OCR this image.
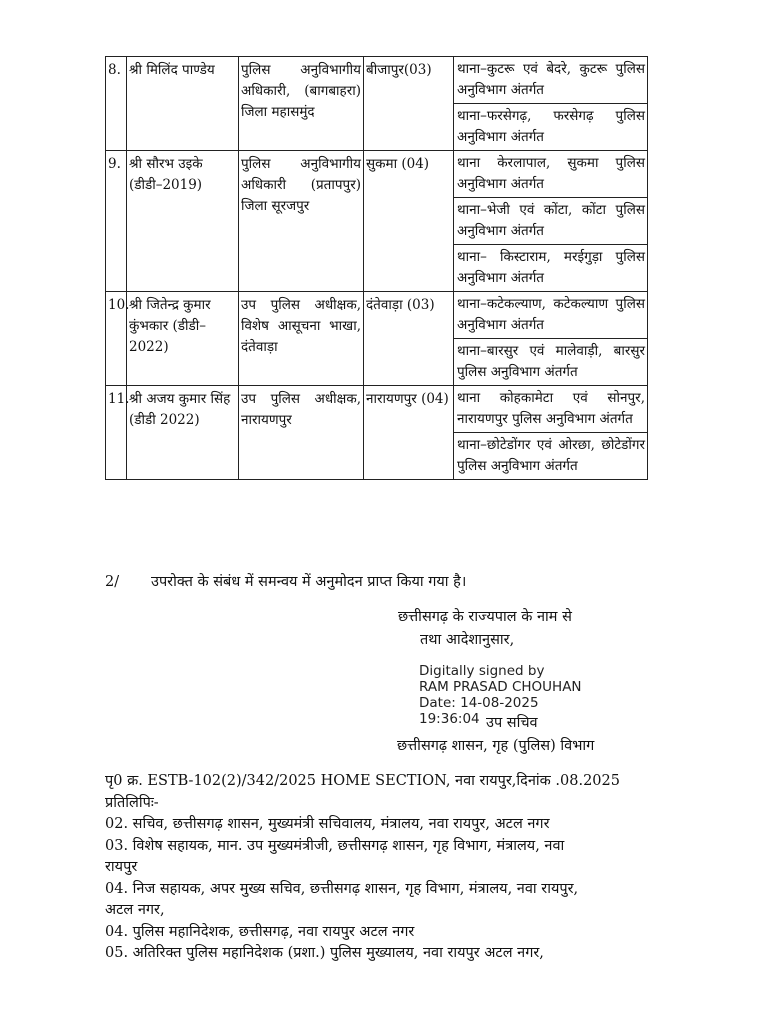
8.	श्री मिलिंद पाण्डेय	पुलिस अनुविभागीय अधिकारी, (बागबाहरा) जिला महासमुंद	बीजापुर(03)	थाना–कुटरू एवं बेदरे, कुटरू पुलिस अनुविभाग अंतर्गत
				थाना–फरसेगढ़, फरसेगढ़ पुलिस अनुविभाग अंतर्गत
9.	श्री सौरभ उइके (डीडी–2019)	पुलिस अनुविभागीय अधिकारी (प्रतापपुर) जिला सूरजपुर	सुकमा (04)	थाना केरलापाल, सुकमा पुलिस अनुविभाग अंतर्गत
				थाना–भेजी एवं कोंटा, कोंटा पुलिस अनुविभाग अंतर्गत
				थाना– किस्टाराम, मरईगुड़ा पुलिस अनुविभाग अंतर्गत
10.	श्री जितेन्द्र कुमार कुंभकार (डीडी–2022)	उप पुलिस अधीक्षक, विशेष आसूचना भाखा, दंतेवाड़ा	दंतेवाड़ा (03)	थाना–कटेकल्याण, कटेकल्याण पुलिस अनुविभाग अंतर्गत
				थाना–बारसुर एवं मालेवाड़ी, बारसुर पुलिस अनुविभाग अंतर्गत
11.	श्री अजय कुमार सिंह (डीडी 2022)	उप पुलिस अधीक्षक, नारायणपुर	नारायणपुर (04)	थाना कोहकामेटा एवं सोनपुर, नारायणपुर पुलिस अनुविभाग अंतर्गत
				थाना–छोटेडोंगर एवं ओरछा, छोटेडोंगर पुलिस अनुविभाग अंतर्गत
2/ उपरोक्त के संबंध में समन्वय में अनुमोदन प्राप्त किया गया है।
छत्तीसगढ़ के राज्यपाल के नाम से
तथा आदेशानुसार,
Digitally signed by
RAM PRASAD CHOUHAN
Date: 14-08-2025
19:36:04 उप सचिव
छत्तीसगढ़ शासन, गृह (पुलिस) विभाग
पृ0 क्र. ESTB-102(2)/342/2025 HOME SECTION, नवा रायपुर,दिनांक .08.2025
प्रतिलिपिः-
02. सचिव, छत्तीसगढ़ शासन, मुख्यमंत्री सचिवालय, मंत्रालय, नवा रायपुर, अटल नगर
03. विशेष सहायक, मान. उप मुख्यमंत्रीजी, छत्तीसगढ़ शासन, गृह विभाग, मंत्रालय, नवा
रायपुर
04. निज सहायक, अपर मुख्य सचिव, छत्तीसगढ़ शासन, गृह विभाग, मंत्रालय, नवा रायपुर,
अटल नगर,
04. पुलिस महानिदेशक, छत्तीसगढ़, नवा रायपुर अटल नगर
05. अतिरिक्त पुलिस महानिदेशक (प्रशा.) पुलिस मुख्यालय, नवा रायपुर अटल नगर,
